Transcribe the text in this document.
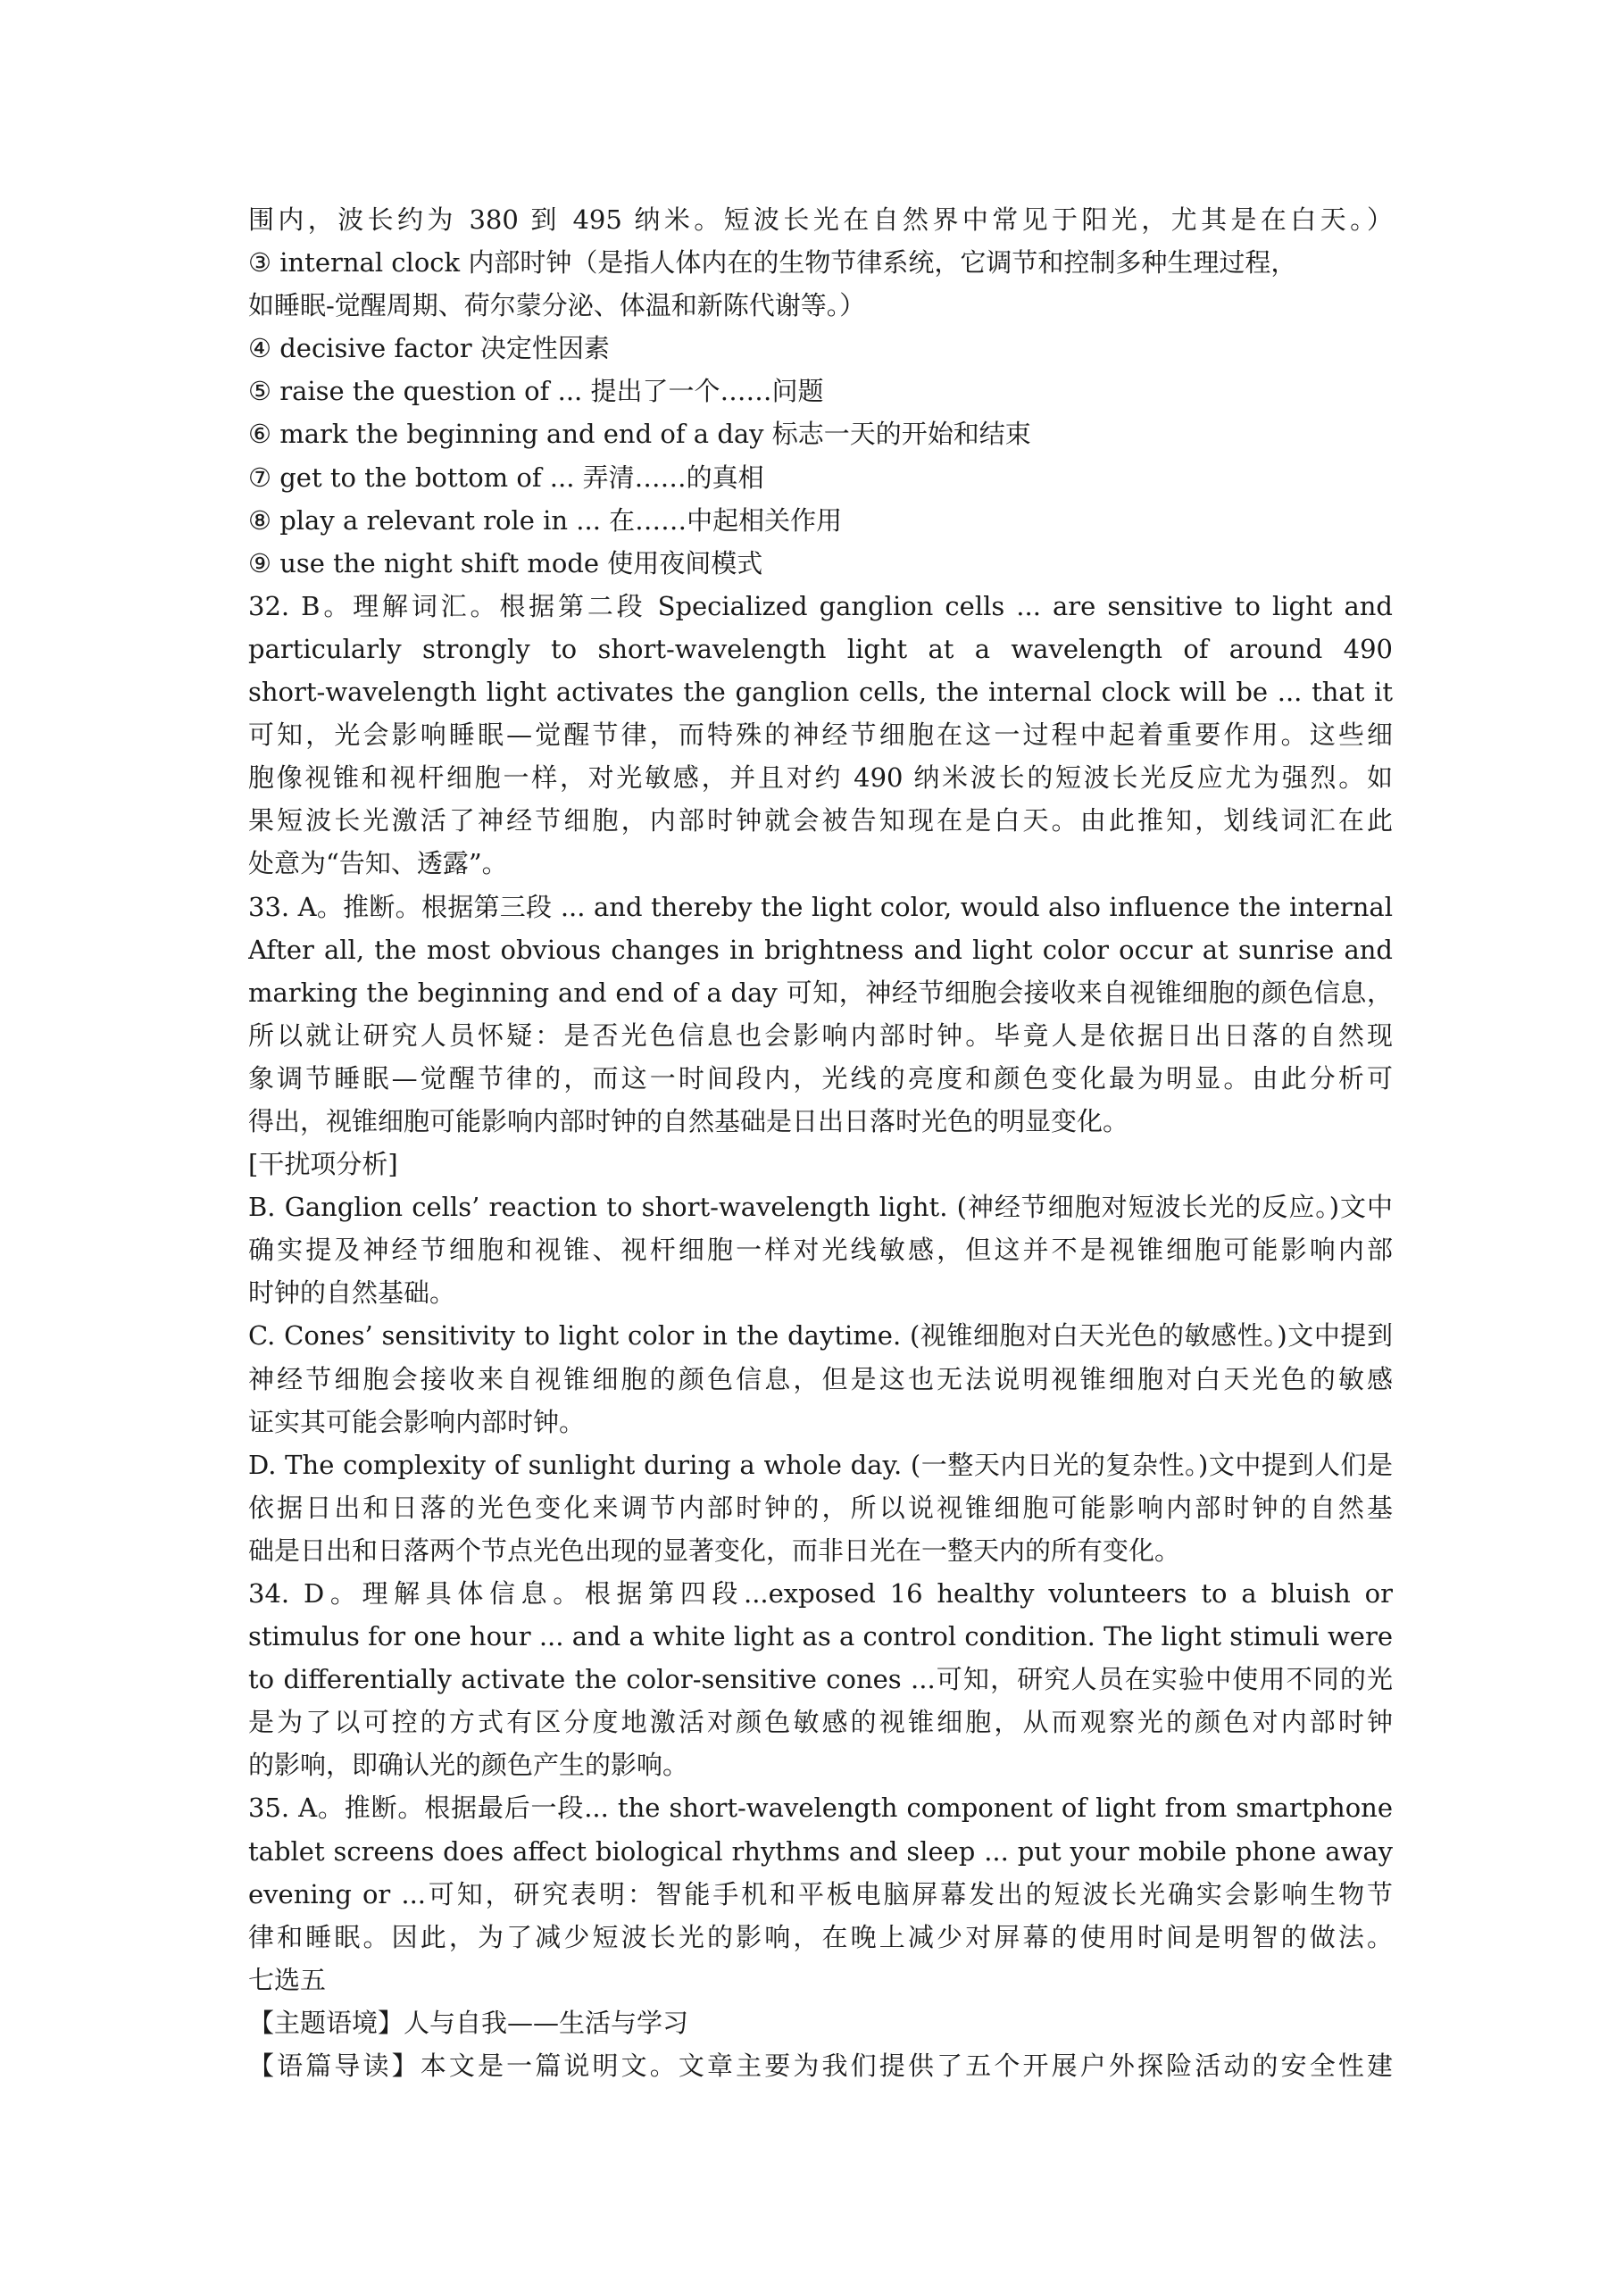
围内，波长约为 380 到 495 纳米。短波长光在自然界中常见于阳光，尤其是在白天。）
③ internal clock 内部时钟（是指人体内在的生物节律系统，它调节和控制多种生理过程，
如睡眠-觉醒周期、荷尔蒙分泌、体温和新陈代谢等。）
④ decisive factor 决定性因素
⑤ raise the question of ... 提出了一个……问题
⑥ mark the beginning and end of a day 标志一天的开始和结束
⑦ get to the bottom of ... 弄清……的真相
⑧ play a relevant role in ... 在……中起相关作用
⑨ use the night shift mode 使用夜间模式
32. B。理解词汇。根据第二段 Specialized ganglion cells ... are sensitive to light and
particularly strongly to short-wavelength light at a wavelength of around 490
short-wavelength light activates the ganglion cells, the internal clock will be ... that it
可知，光会影响睡眠—觉醒节律，而特殊的神经节细胞在这一过程中起着重要作用。这些细
胞像视锥和视杆细胞一样，对光敏感，并且对约 490 纳米波长的短波长光反应尤为强烈。如
果短波长光激活了神经节细胞，内部时钟就会被告知现在是白天。由此推知，划线词汇在此
处意为“告知、透露”。
33. A。推断。根据第三段 ... and thereby the light color, would also influence the internal
After all, the most obvious changes in brightness and light color occur at sunrise and
marking the beginning and end of a day 可知，神经节细胞会接收来自视锥细胞的颜色信息，
所以就让研究人员怀疑：是否光色信息也会影响内部时钟。毕竟人是依据日出日落的自然现
象调节睡眠—觉醒节律的，而这一时间段内，光线的亮度和颜色变化最为明显。由此分析可
得出，视锥细胞可能影响内部时钟的自然基础是日出日落时光色的明显变化。
[干扰项分析]
B. Ganglion cells’ reaction to short-wavelength light. (神经节细胞对短波长光的反应。)文中
确实提及神经节细胞和视锥、视杆细胞一样对光线敏感，但这并不是视锥细胞可能影响内部
时钟的自然基础。
C. Cones’ sensitivity to light color in the daytime. (视锥细胞对白天光色的敏感性。)文中提到
神经节细胞会接收来自视锥细胞的颜色信息，但是这也无法说明视锥细胞对白天光色的敏感
证实其可能会影响内部时钟。
D. The complexity of sunlight during a whole day. (一整天内日光的复杂性。)文中提到人们是
依据日出和日落的光色变化来调节内部时钟的，所以说视锥细胞可能影响内部时钟的自然基
础是日出和日落两个节点光色出现的显著变化，而非日光在一整天内的所有变化。
34. D。理解具体信息。根据第四段...exposed 16 healthy volunteers to a bluish or
stimulus for one hour ... and a white light as a control condition. The light stimuli were
to differentially activate the color-sensitive cones ...可知，研究人员在实验中使用不同的光
是为了以可控的方式有区分度地激活对颜色敏感的视锥细胞，从而观察光的颜色对内部时钟
的影响，即确认光的颜色产生的影响。
35. A。推断。根据最后一段... the short-wavelength component of light from smartphone
tablet screens does affect biological rhythms and sleep ... put your mobile phone away
evening or ...可知，研究表明：智能手机和平板电脑屏幕发出的短波长光确实会影响生物节
律和睡眠。因此，为了减少短波长光的影响，在晚上减少对屏幕的使用时间是明智的做法。
七选五
【主题语境】人与自我——生活与学习
【语篇导读】本文是一篇说明文。文章主要为我们提供了五个开展户外探险活动的安全性建
